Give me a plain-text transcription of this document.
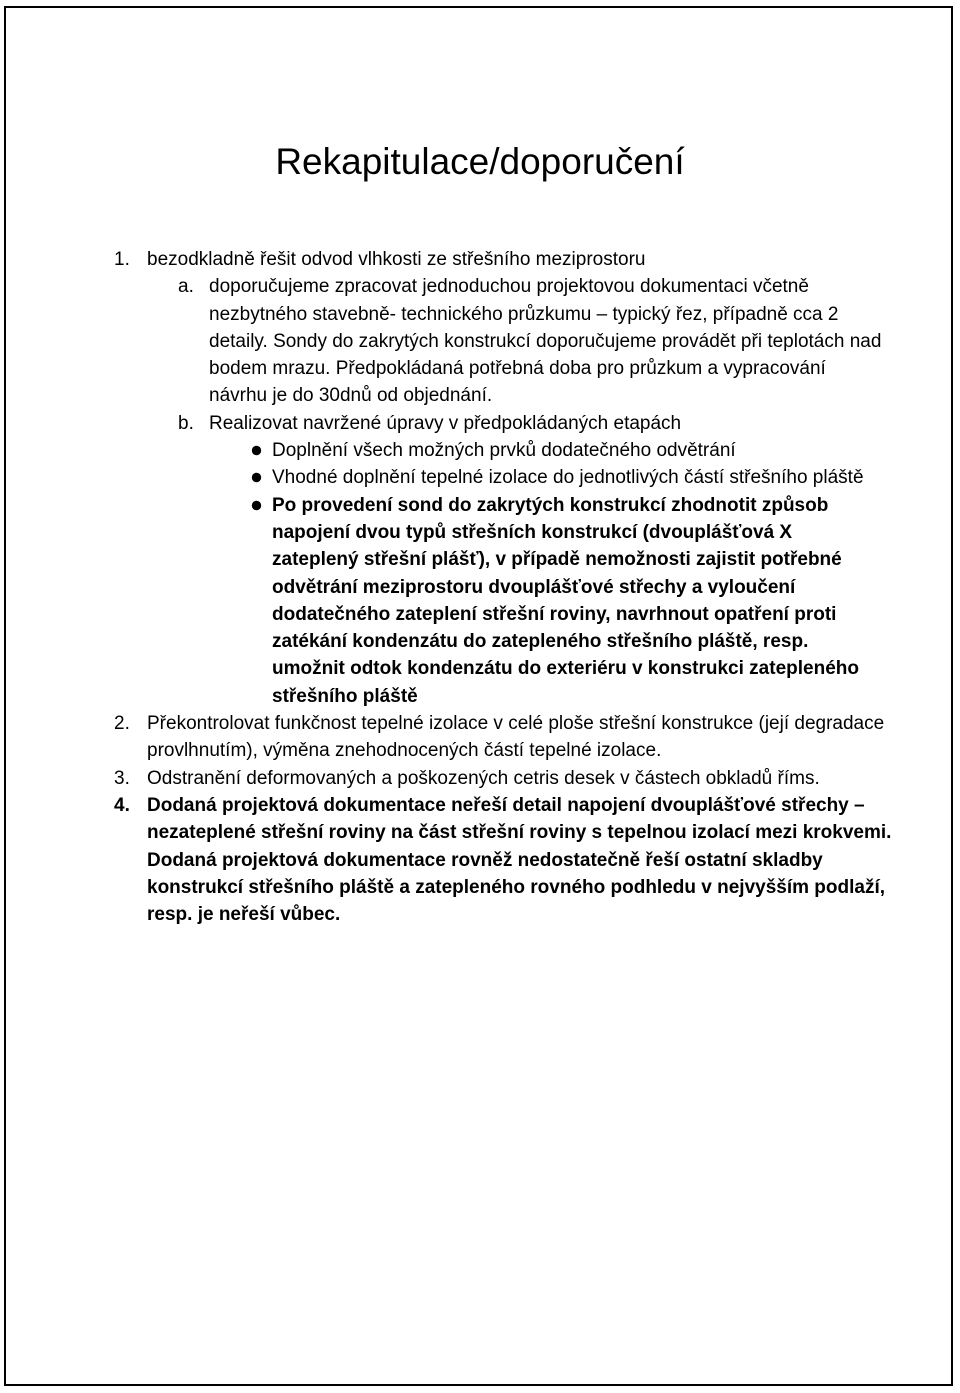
Rekapitulace/doporučení
1. bezodkladně řešit odvod vlhkosti ze střešního meziprostoru
a. doporučujeme zpracovat jednoduchou projektovou dokumentaci včetně nezbytného stavebně- technického průzkumu – typický řez, případně cca 2 detaily. Sondy do zakrytých konstrukcí doporučujeme provádět při teplotách nad bodem mrazu. Předpokládaná potřebná doba pro průzkum a vypracování návrhu je do 30dnů od objednání.
b. Realizovat navržené úpravy v předpokládaných etapách
Doplnění všech možných prvků dodatečného odvětrání
Vhodné doplnění tepelné izolace do jednotlivých částí střešního pláště
Po provedení sond do zakrytých konstrukcí zhodnotit způsob napojení dvou typů střešních konstrukcí (dvouplášťová X zateplený střešní plášť), v případě nemožnosti zajistit potřebné odvětrání meziprostoru dvouplášťové střechy a vyloučení dodatečného zateplení střešní roviny, navrhnout opatření proti zatékání kondenzátu do zatepleného střešního pláště, resp. umožnit odtok kondenzátu do exteriéru v konstrukci zatepleného střešního pláště
2. Překontrolovat funkčnost tepelné izolace v celé ploše střešní konstrukce (její degradace provlhnutím), výměna znehodnocených částí tepelné izolace.
3. Odstranění deformovaných a poškozených cetris desek v částech obkladů říms.
4. Dodaná projektová dokumentace neřeší detail napojení dvouplášťové střechy – nezateplené střešní roviny na část střešní roviny s tepelnou izolací mezi krokvemi. Dodaná projektová dokumentace rovněž nedostatečně řeší ostatní skladby konstrukcí střešního pláště a zatepleného rovného podhledu v nejvyšším podlaží, resp. je neřeší vůbec.
